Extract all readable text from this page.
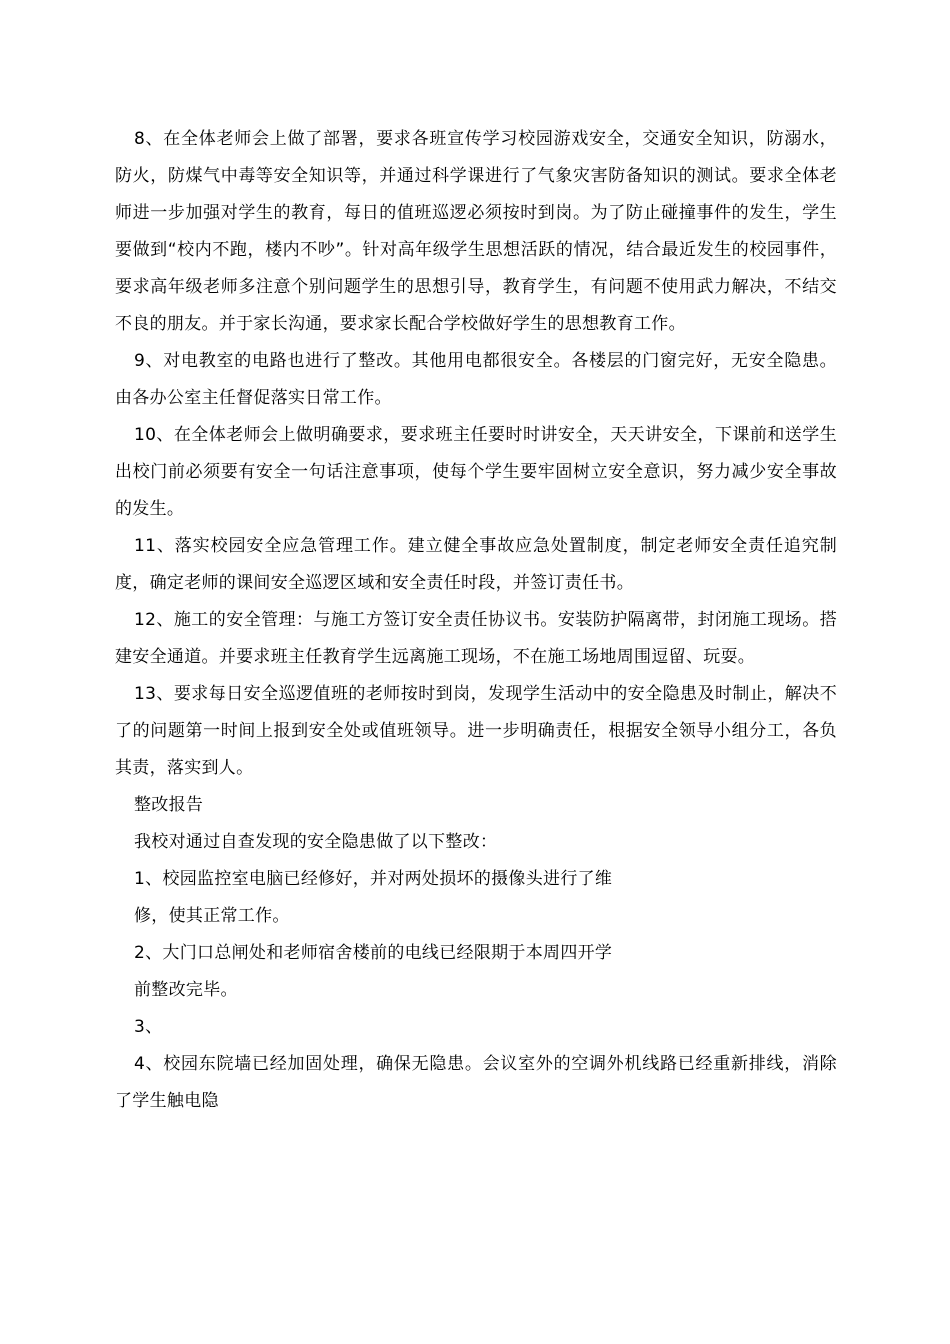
8、在全体老师会上做了部署，要求各班宣传学习校园游戏安全，交通安全知识，防溺水，防火，防煤气中毒等安全知识等，并通过科学课进行了气象灾害防备知识的测试。要求全体老师进一步加强对学生的教育，每日的值班巡逻必须按时到岗。为了防止碰撞事件的发生，学生要做到“校内不跑，楼内不吵”。针对高年级学生思想活跃的情况，结合最近发生的校园事件，要求高年级老师多注意个别问题学生的思想引导，教育学生，有问题不使用武力解决，不结交不良的朋友。并于家长沟通，要求家长配合学校做好学生的思想教育工作。

9、对电教室的电路也进行了整改。其他用电都很安全。各楼层的门窗完好，无安全隐患。由各办公室主任督促落实日常工作。

10、在全体老师会上做明确要求，要求班主任要时时讲安全，天天讲安全，下课前和送学生出校门前必须要有安全一句话注意事项，使每个学生要牢固树立安全意识，努力减少安全事故的发生。

11、落实校园安全应急管理工作。建立健全事故应急处置制度，制定老师安全责任追究制度，确定老师的课间安全巡逻区域和安全责任时段，并签订责任书。

12、施工的安全管理：与施工方签订安全责任协议书。安装防护隔离带，封闭施工现场。搭建安全通道。并要求班主任教育学生远离施工现场，不在施工场地周围逗留、玩耍。

13、要求每日安全巡逻值班的老师按时到岗，发现学生活动中的安全隐患及时制止，解决不了的问题第一时间上报到安全处或值班领导。进一步明确责任，根据安全领导小组分工，各负其责，落实到人。

整改报告

我校对通过自查发现的安全隐患做了以下整改：

1、校园监控室电脑已经修好，并对两处损坏的摄像头进行了维

修，使其正常工作。

2、大门口总闸处和老师宿舍楼前的电线已经限期于本周四开学

前整改完毕。

3、

4、校园东院墙已经加固处理，确保无隐患。会议室外的空调外机线路已经重新排线，消除了学生触电隐
